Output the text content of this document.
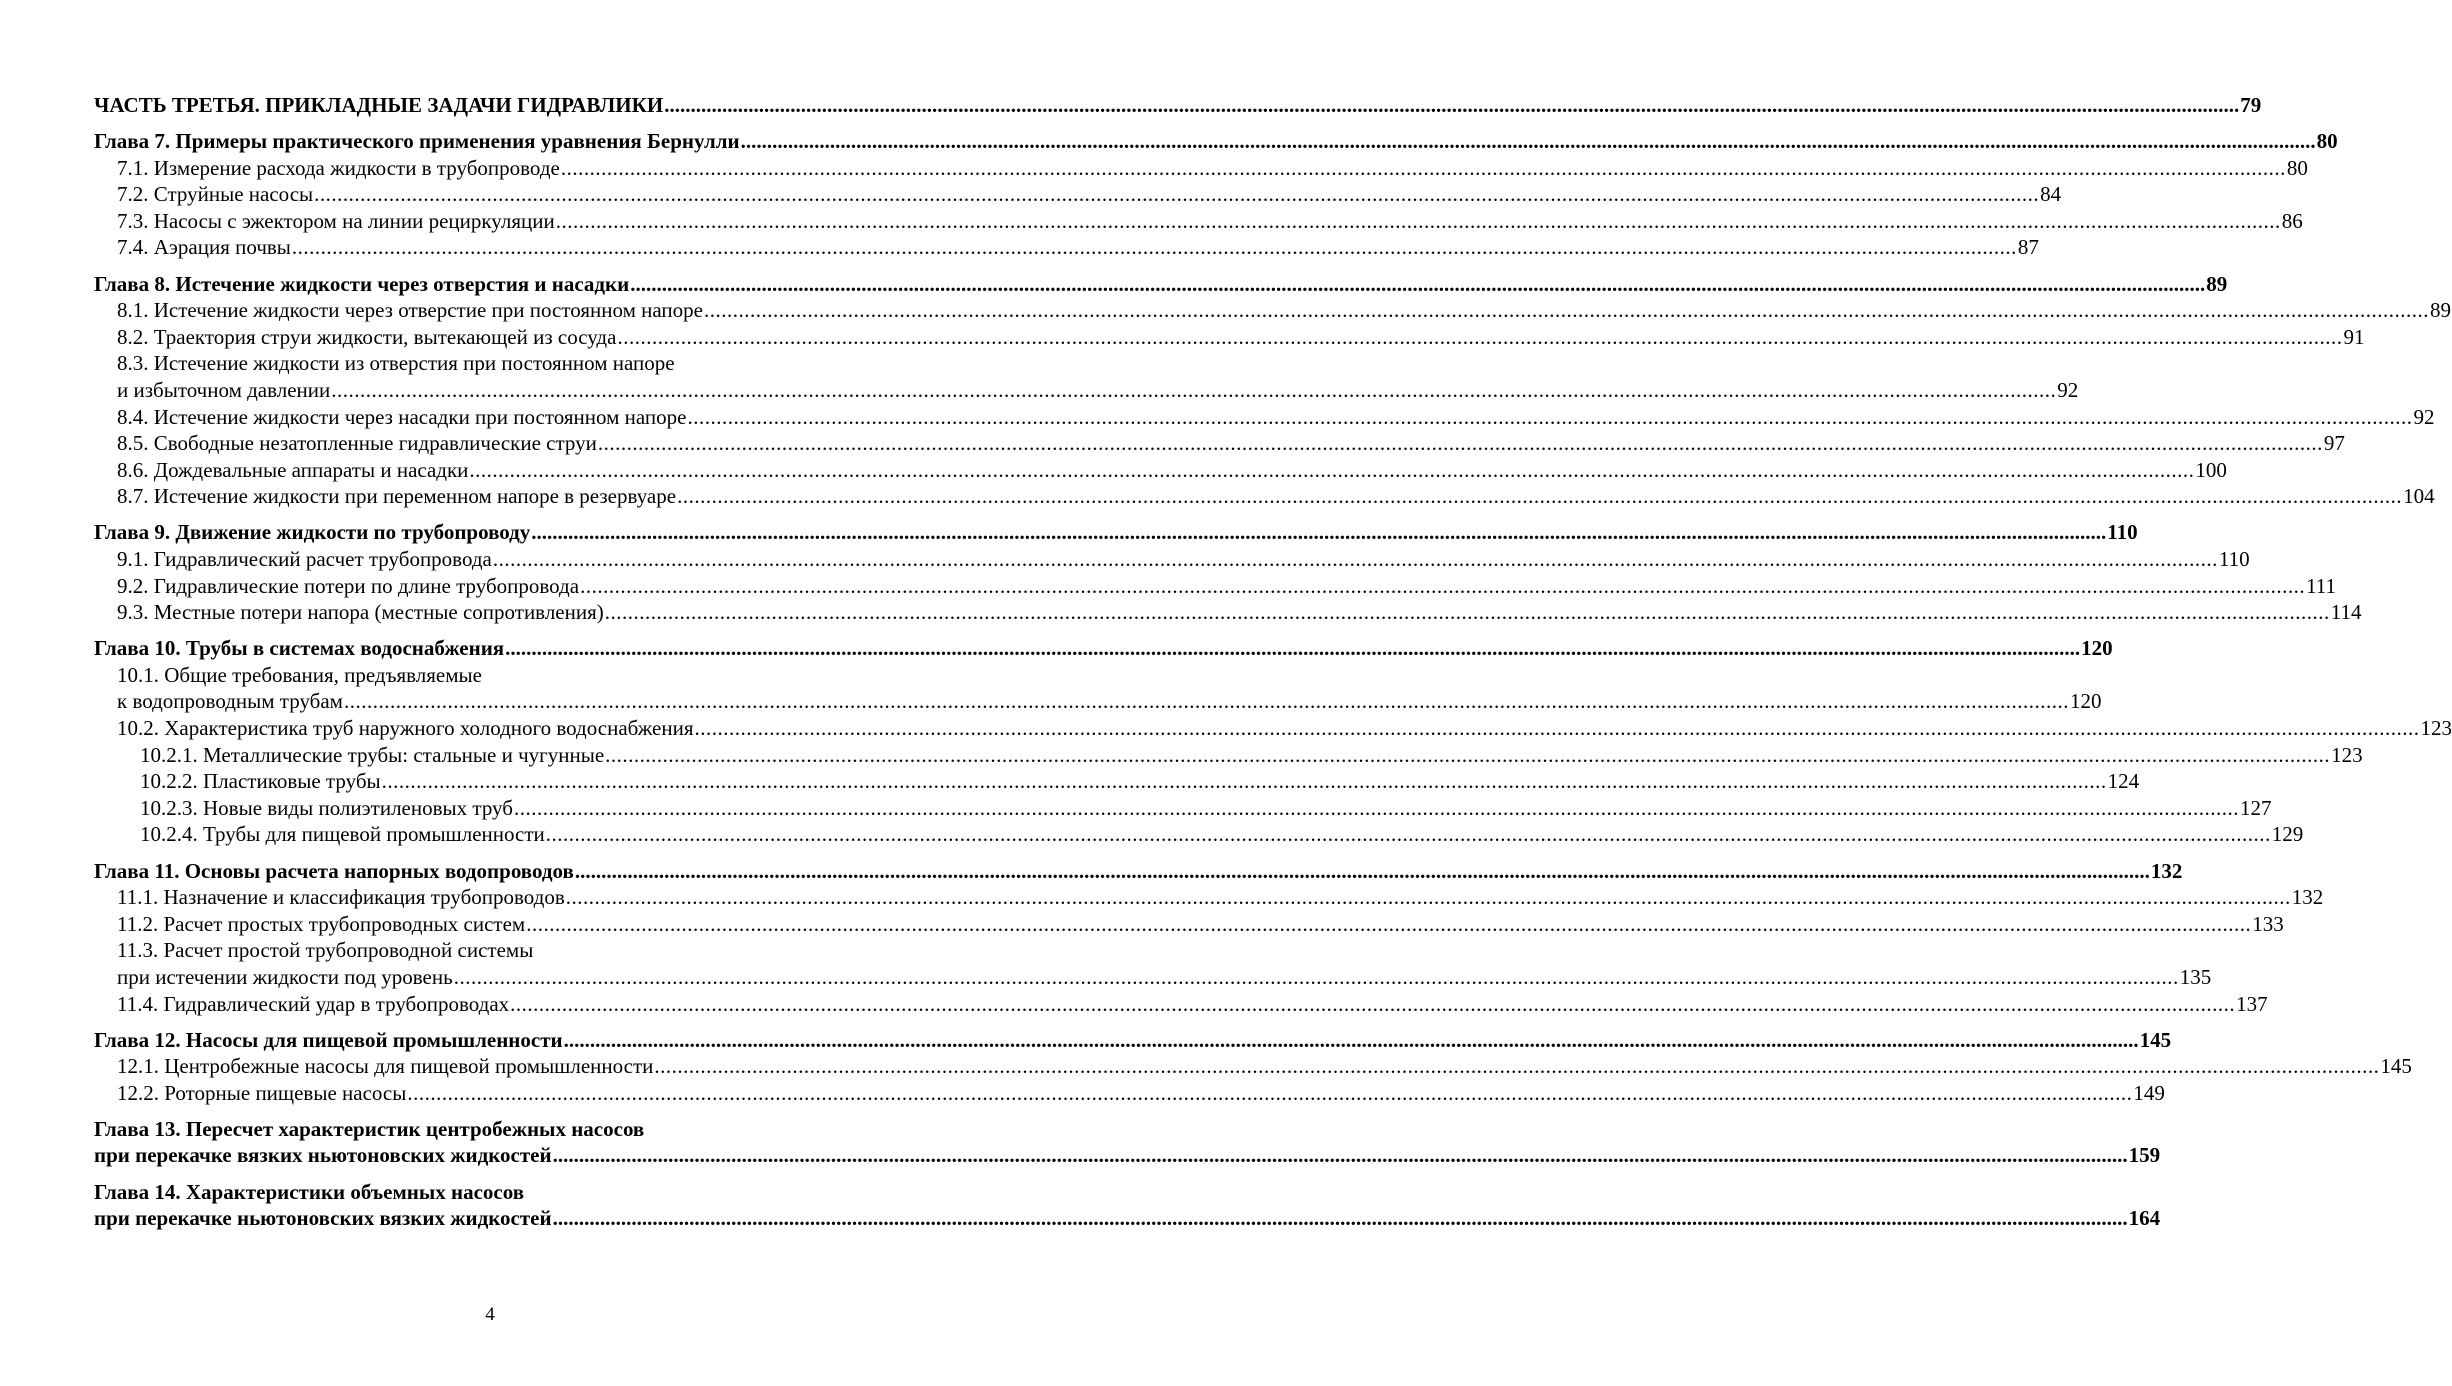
ЧАСТЬ ТРЕТЬЯ. ПРИКЛАДНЫЕ ЗАДАЧИ ГИДРАВЛИКИ ............................................................................................................................................................................................................................................................................................................ 79
Глава 7. Примеры практического применения уравнения Бернулли ............................................................................................................................................................................................................................................................................................................ 80
7.1. Измерение расхода жидкости в трубопроводе ............................................................................................................................................................................................................................................................................................................ 80
7.2. Струйные насосы ............................................................................................................................................................................................................................................................................................................ 84
7.3. Насосы с эжектором на линии рециркуляции ............................................................................................................................................................................................................................................................................................................ 86
7.4. Аэрация почвы ............................................................................................................................................................................................................................................................................................................ 87
Глава 8. Истечение жидкости через отверстия и насадки ............................................................................................................................................................................................................................................................................................................ 89
8.1. Истечение жидкости через отверстие при постоянном напоре ............................................................................................................................................................................................................................................................................................................ 89
8.2. Траектория струи жидкости, вытекающей из сосуда ............................................................................................................................................................................................................................................................................................................ 91
8.3. Истечение жидкости из отверстия при постоянном напоре
и избыточном давлении ............................................................................................................................................................................................................................................................................................................ 92
8.4. Истечение жидкости через насадки при постоянном напоре ............................................................................................................................................................................................................................................................................................................ 92
8.5. Свободные незатопленные гидравлические струи ............................................................................................................................................................................................................................................................................................................ 97
8.6. Дождевальные аппараты и насадки ............................................................................................................................................................................................................................................................................................................ 100
8.7. Истечение жидкости при переменном напоре в резервуаре ............................................................................................................................................................................................................................................................................................................ 104
Глава 9. Движение жидкости по трубопроводу ............................................................................................................................................................................................................................................................................................................ 110
9.1. Гидравлический расчет трубопровода ............................................................................................................................................................................................................................................................................................................ 110
9.2. Гидравлические потери по длине трубопровода ............................................................................................................................................................................................................................................................................................................ 111
9.3. Местные потери напора (местные сопротивления) ............................................................................................................................................................................................................................................................................................................ 114
Глава 10. Трубы в системах водоснабжения ............................................................................................................................................................................................................................................................................................................ 120
10.1. Общие требования, предъявляемые
к водопроводным трубам ............................................................................................................................................................................................................................................................................................................ 120
10.2. Характеристика труб наружного холодного водоснабжения ............................................................................................................................................................................................................................................................................................................ 123
10.2.1. Металлические трубы: стальные и чугунные ............................................................................................................................................................................................................................................................................................................ 123
10.2.2. Пластиковые трубы ............................................................................................................................................................................................................................................................................................................ 124
10.2.3. Новые виды полиэтиленовых труб ............................................................................................................................................................................................................................................................................................................ 127
10.2.4. Трубы для пищевой промышленности ............................................................................................................................................................................................................................................................................................................ 129
Глава 11. Основы расчета напорных водопроводов ............................................................................................................................................................................................................................................................................................................ 132
11.1. Назначение и классификация трубопроводов ............................................................................................................................................................................................................................................................................................................ 132
11.2. Расчет простых трубопроводных систем ............................................................................................................................................................................................................................................................................................................ 133
11.3. Расчет простой трубопроводной системы
при истечении жидкости под уровень ............................................................................................................................................................................................................................................................................................................ 135
11.4. Гидравлический удар в трубопроводах ............................................................................................................................................................................................................................................................................................................ 137
Глава 12. Насосы для пищевой промышленности ............................................................................................................................................................................................................................................................................................................ 145
12.1. Центробежные насосы для пищевой промышленности ............................................................................................................................................................................................................................................................................................................ 145
12.2. Роторные пищевые насосы ............................................................................................................................................................................................................................................................................................................ 149
Глава 13. Пересчет характеристик центробежных насосов
при перекачке вязких ньютоновских жидкостей ............................................................................................................................................................................................................................................................................................................ 159
Глава 14. Характеристики объемных насосов
при перекачке ньютоновских вязких жидкостей ............................................................................................................................................................................................................................................................................................................ 164
4
